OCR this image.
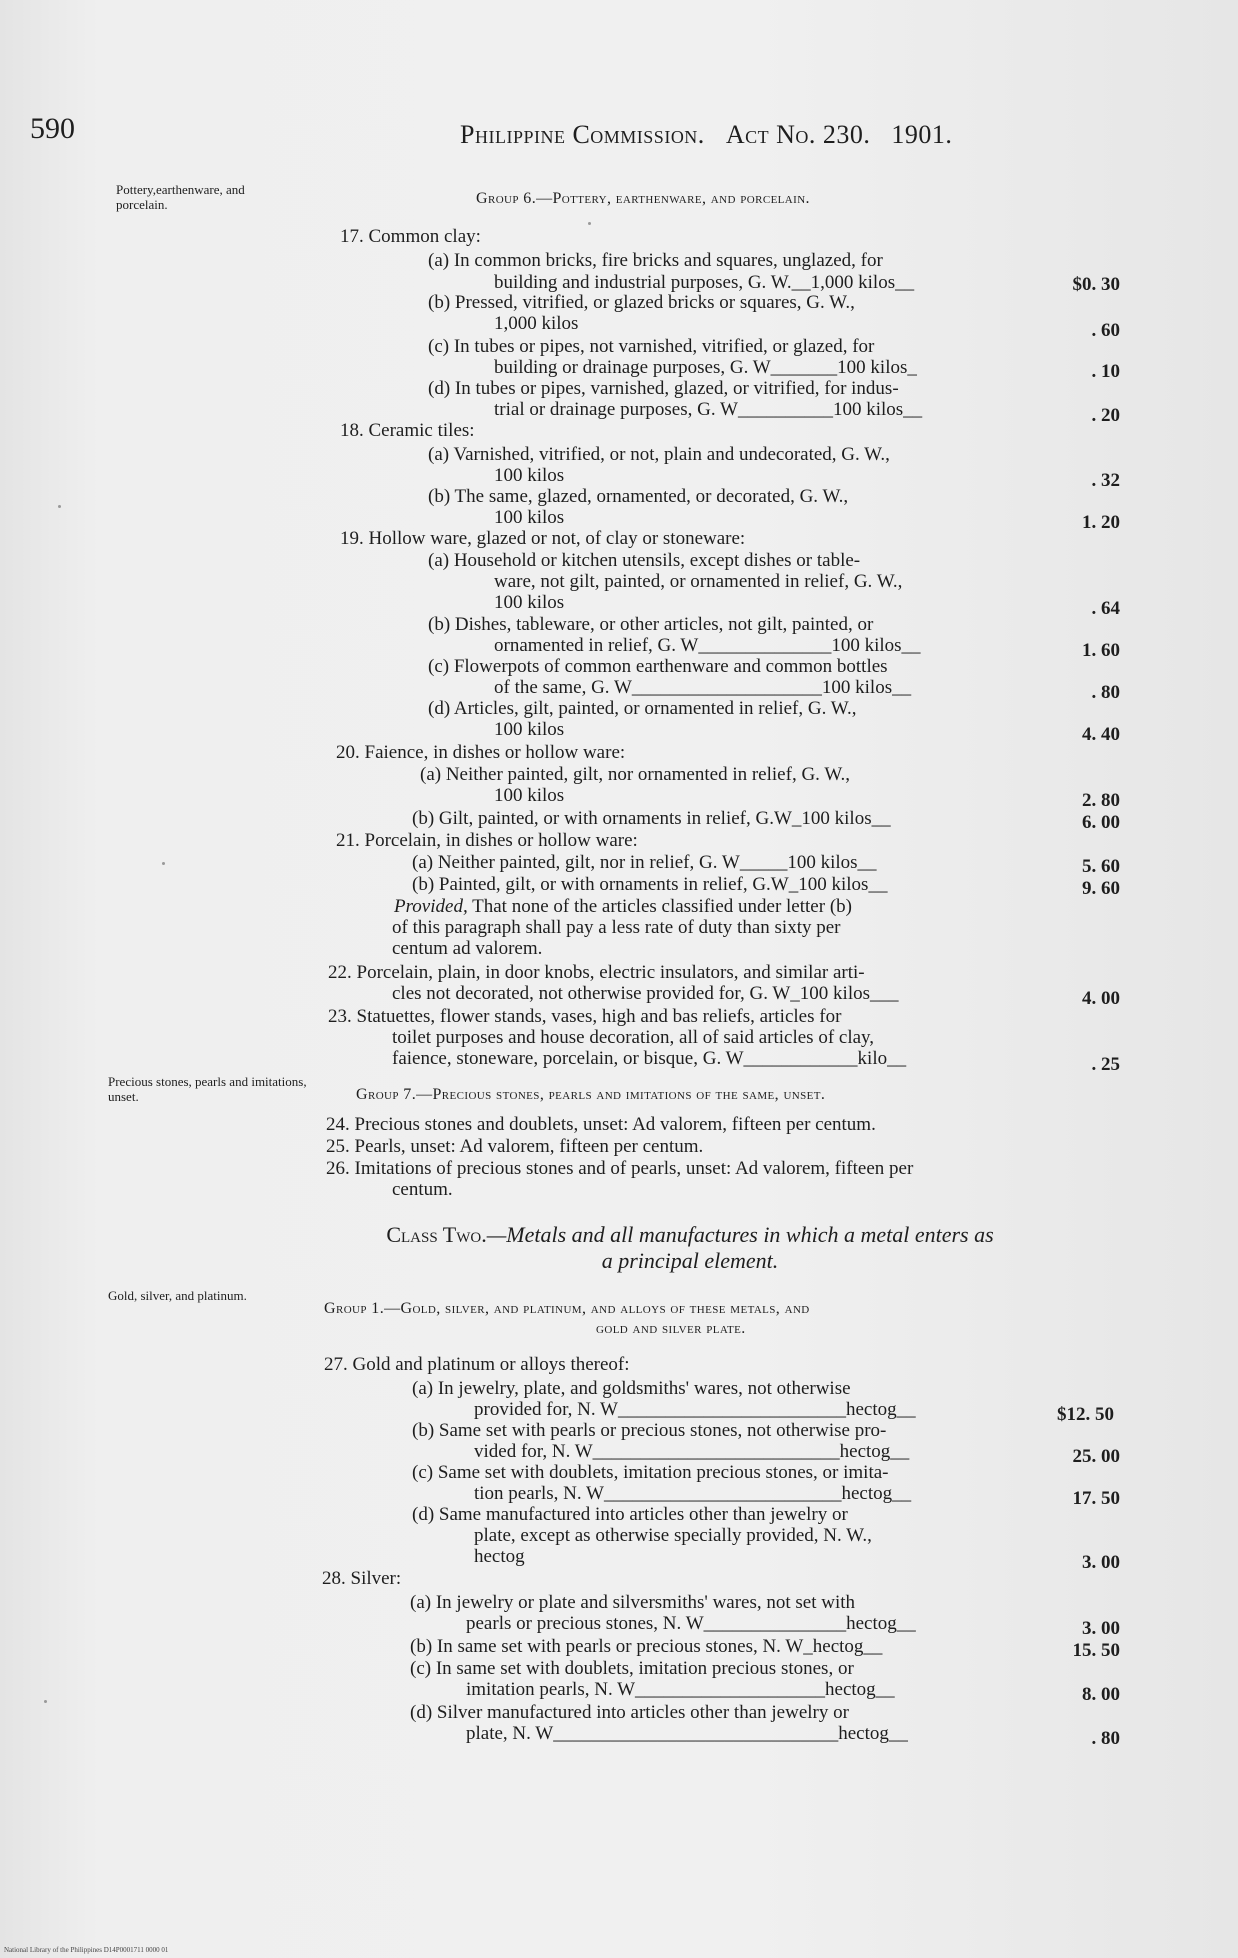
590	Philippine Commission. Act No. 230. 1901.
Pottery,earthenware, and porcelain.
Precious stones, pearls and imitations, unset.
Gold, silver, and platinum.
Group 6.—Pottery, earthenware, and porcelain.
17. Common clay:
(a) In common bricks, fire bricks and squares, unglazed, for
building and industrial purposes, G. W.__1,000 kilos__	$0. 30
(b) Pressed, vitrified, or glazed bricks or squares, G. W.,
1,000 kilos	. 60
(c) In tubes or pipes, not varnished, vitrified, or glazed, for
building or drainage purposes, G. W_______100 kilos_	. 10
(d) In tubes or pipes, varnished, glazed, or vitrified, for indus-
trial or drainage purposes, G. W__________100 kilos__	. 20
18. Ceramic tiles:
(a) Varnished, vitrified, or not, plain and undecorated, G. W.,
100 kilos	. 32
(b) The same, glazed, ornamented, or decorated, G. W.,
100 kilos	1. 20
19. Hollow ware, glazed or not, of clay or stoneware:
(a) Household or kitchen utensils, except dishes or table-
ware, not gilt, painted, or ornamented in relief, G. W.,
100 kilos	. 64
(b) Dishes, tableware, or other articles, not gilt, painted, or
ornamented in relief, G. W______________100 kilos__	1. 60
(c) Flowerpots of common earthenware and common bottles
of the same, G. W____________________100 kilos__	. 80
(d) Articles, gilt, painted, or ornamented in relief, G. W.,
100 kilos	4. 40
20. Faience, in dishes or hollow ware:
(a) Neither painted, gilt, nor ornamented in relief, G. W.,
100 kilos	2. 80
(b) Gilt, painted, or with ornaments in relief, G.W_100 kilos__	6. 00
21. Porcelain, in dishes or hollow ware:
(a) Neither painted, gilt, nor in relief, G. W_____100 kilos__	5. 60
(b) Painted, gilt, or with ornaments in relief, G.W_100 kilos__	9. 60
Provided, That none of the articles classified under letter (b)
of this paragraph shall pay a less rate of duty than sixty per
centum ad valorem.
22. Porcelain, plain, in door knobs, electric insulators, and similar arti-
cles not decorated, not otherwise provided for, G. W_100 kilos___	4. 00
23. Statuettes, flower stands, vases, high and bas reliefs, articles for
toilet purposes and house decoration, all of said articles of clay,
faience, stoneware, porcelain, or bisque, G. W____________kilo__	. 25
Group 7.—Precious stones, pearls and imitations of the same, unset.
24. Precious stones and doublets, unset: Ad valorem, fifteen per centum.
25. Pearls, unset: Ad valorem, fifteen per centum.
26. Imitations of precious stones and of pearls, unset: Ad valorem, fifteen per
centum.
Class Two.—Metals and all manufactures in which a metal enters as
a principal element.
Group 1.—Gold, silver, and platinum, and alloys of these metals, and
gold and silver plate.
27. Gold and platinum or alloys thereof:
(a) In jewelry, plate, and goldsmiths' wares, not otherwise
provided for, N. W________________________hectog__	$12. 50
(b) Same set with pearls or precious stones, not otherwise pro-
vided for, N. W__________________________hectog__	25. 00
(c) Same set with doublets, imitation precious stones, or imita-
tion pearls, N. W_________________________hectog__	17. 50
(d) Same manufactured into articles other than jewelry or
plate, except as otherwise specially provided, N. W.,
hectog	3. 00
28. Silver:
(a) In jewelry or plate and silversmiths' wares, not set with
pearls or precious stones, N. W_______________hectog__	3. 00
(b) In same set with pearls or precious stones, N. W_hectog__	15. 50
(c) In same set with doublets, imitation precious stones, or
imitation pearls, N. W____________________hectog__	8. 00
(d) Silver manufactured into articles other than jewelry or
plate, N. W______________________________hectog__	. 80
National Library of the Philippines D14P0001711 0000 01
